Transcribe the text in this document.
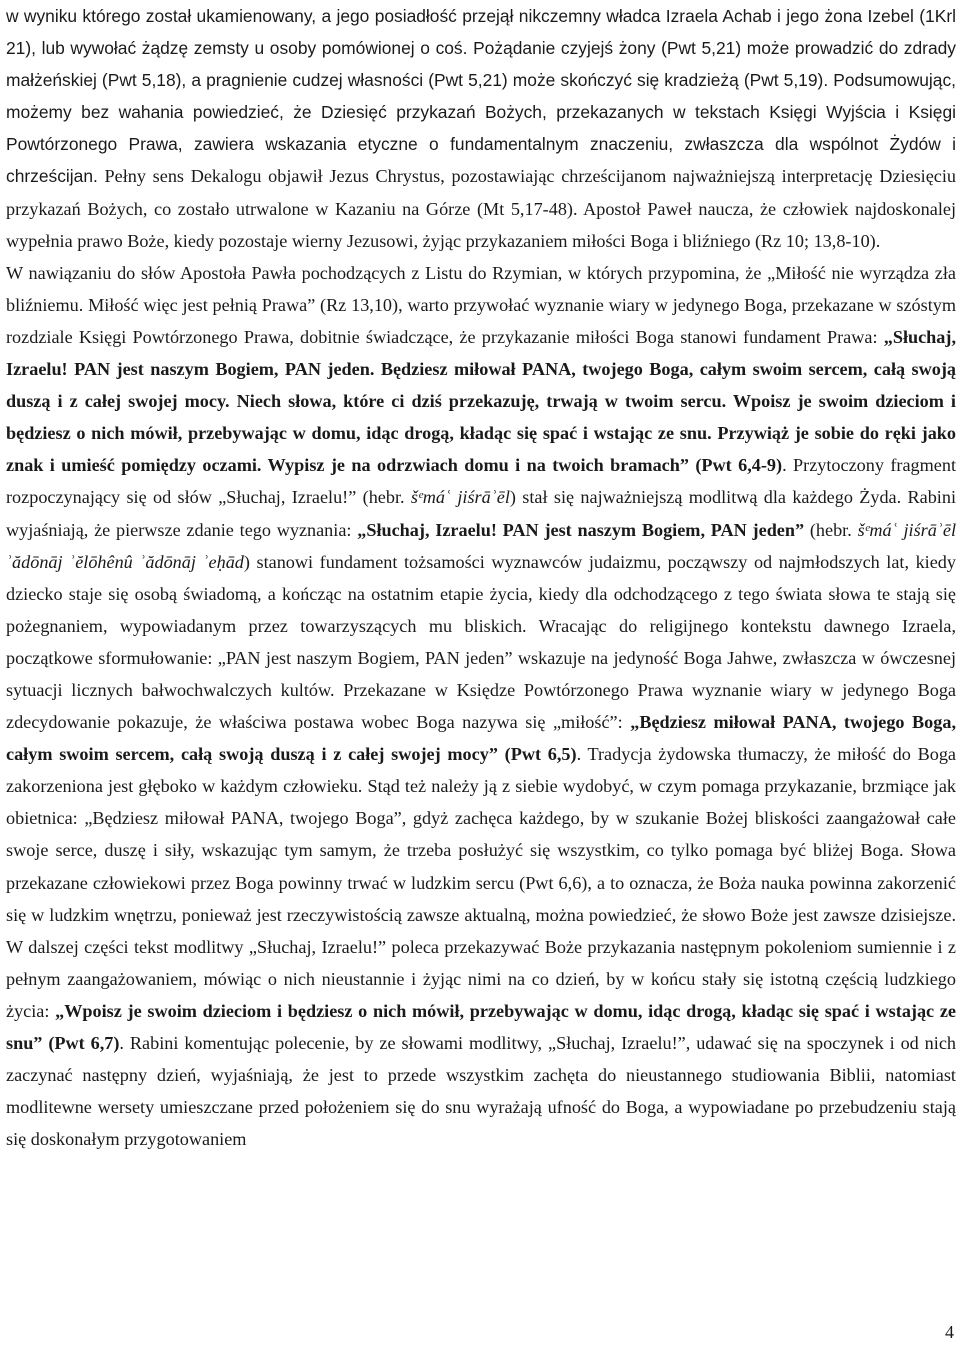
w wyniku którego został ukamienowany, a jego posiadłość przejął nikczemny władca Izraela Achab i jego żona Izebel (1Krl 21), lub wywołać żądzę zemsty u osoby pomówionej o coś. Pożądanie czyjejś żony (Pwt 5,21) może prowadzić do zdrady małżeńskiej (Pwt 5,18), a pragnienie cudzej własności (Pwt 5,21) może skończyć się kradzieżą (Pwt 5,19). Podsumowując, możemy bez wahania powiedzieć, że Dziesięć przykazań Bożych, przekazanych w tekstach Księgi Wyjścia i Księgi Powtórzonego Prawa, zawiera wskazania etyczne o fundamentalnym znaczeniu, zwłaszcza dla wspólnot Żydów i chrześcijan. Pełny sens Dekalogu objawił Jezus Chrystus, pozostawiając chrześcijanom najważniejszą interpretację Dziesięciu przykazań Bożych, co zostało utrwalone w Kazaniu na Górze (Mt 5,17-48). Apostoł Paweł naucza, że człowiek najdoskonalej wypełnia prawo Boże, kiedy pozostaje wierny Jezusowi, żyjąc przykazaniem miłości Boga i bliźniego (Rz 10; 13,8-10).

W nawiązaniu do słów Apostoła Pawła pochodzących z Listu do Rzymian, w których przypomina, że „Miłość nie wyrządza zła bliźniemu. Miłość więc jest pełnią Prawa” (Rz 13,10), warto przywołać wyznanie wiary w jedynego Boga, przekazane w szóstym rozdziale Księgi Powtórzonego Prawa, dobitnie świadczące, że przykazanie miłości Boga stanowi fundament Prawa: „Słuchaj, Izraelu! PAN jest naszym Bogiem, PAN jeden. Będziesz miłował PANA, twojego Boga, całym swoim sercem, całą swoją duszą i z całej swojej mocy. Niech słowa, które ci dziś przekazuję, trwają w twoim sercu. Wpoisz je swoim dzieciom i będziesz o nich mówił, przebywając w domu, idąc drogą, kładąc się spać i wstając ze snu. Przywiąż je sobie do ręki jako znak i umieść pomiędzy oczami. Wypisz je na odrzwiach domu i na twoich bramach” (Pwt 6,4-9). Przytoczony fragment rozpoczynający się od słów „Słuchaj, Izraelu!” (hebr. šᵉmáʿ jiśrāʾēl) stał się najważniejszą modlitwą dla każdego Żyda. Rabini wyjaśniają, że pierwsze zdanie tego wyznania: „Słuchaj, Izraelu! PAN jest naszym Bogiem, PAN jeden” (hebr. šᵉmáʿ jiśrāʾēl ʾădōnāj ʾĕlōhênû ʾădōnāj ʾeḥād) stanowi fundament tożsamości wyznawców judaizmu, począwszy od najmłodszych lat, kiedy dziecko staje się osobą świadomą, a kończąc na ostatnim etapie życia, kiedy dla odchodzącego z tego świata słowa te stają się pożegnaniem, wypowiadanym przez towarzyszących mu bliskich. Wracając do religijnego kontekstu dawnego Izraela, początkowe sformułowanie: „PAN jest naszym Bogiem, PAN jeden” wskazuje na jedyność Boga Jahwe, zwłaszcza w ówczesnej sytuacji licznych bałwochwalczych kultów. Przekazane w Księdze Powtórzonego Prawa wyznanie wiary w jedynego Boga zdecydowanie pokazuje, że właściwa postawa wobec Boga nazywa się „miłość”: „Będziesz miłował PANA, twojego Boga, całym swoim sercem, całą swoją duszą i z całej swojej mocy” (Pwt 6,5). Tradycja żydowska tłumaczy, że miłość do Boga zakorzeniona jest głęboko w każdym człowieku. Stąd też należy ją z siebie wydobyć, w czym pomaga przykazanie, brzmiące jak obietnica: „Będziesz miłował PANA, twojego Boga”, gdyż zachęca każdego, by w szukanie Bożej bliskości zaangażował całe swoje serce, duszę i siły, wskazując tym samym, że trzeba posłużyć się wszystkim, co tylko pomaga być bliżej Boga. Słowa przekazane człowiekowi przez Boga powinny trwać w ludzkim sercu (Pwt 6,6), a to oznacza, że Boża nauka powinna zakorzenić się w ludzkim wnętrzu, ponieważ jest rzeczywistością zawsze aktualną, można powiedzieć, że słowo Boże jest zawsze dzisiejsze. W dalszej części tekst modlitwy „Słuchaj, Izraelu!” poleca przekazywać Boże przykazania następnym pokoleniom sumiennie i z pełnym zaangażowaniem, mówiąc o nich nieustannie i żyjąc nimi na co dzień, by w końcu stały się istotną częścią ludzkiego życia: „Wpoisz je swoim dzieciom i będziesz o nich mówił, przebywając w domu, idąc drogą, kładąc się spać i wstając ze snu” (Pwt 6,7). Rabini komentując polecenie, by ze słowami modlitwy, „Słuchaj, Izraelu!”, udawać się na spoczynek i od nich zaczynać następny dzień, wyjaśniają, że jest to przede wszystkim zachęta do nieustannego studiowania Biblii, natomiast modlitewne wersety umieszczane przed położeniem się do snu wyrażają ufność do Boga, a wypowiadane po przebudzeniu stają się doskonałym przygotowaniem

4
